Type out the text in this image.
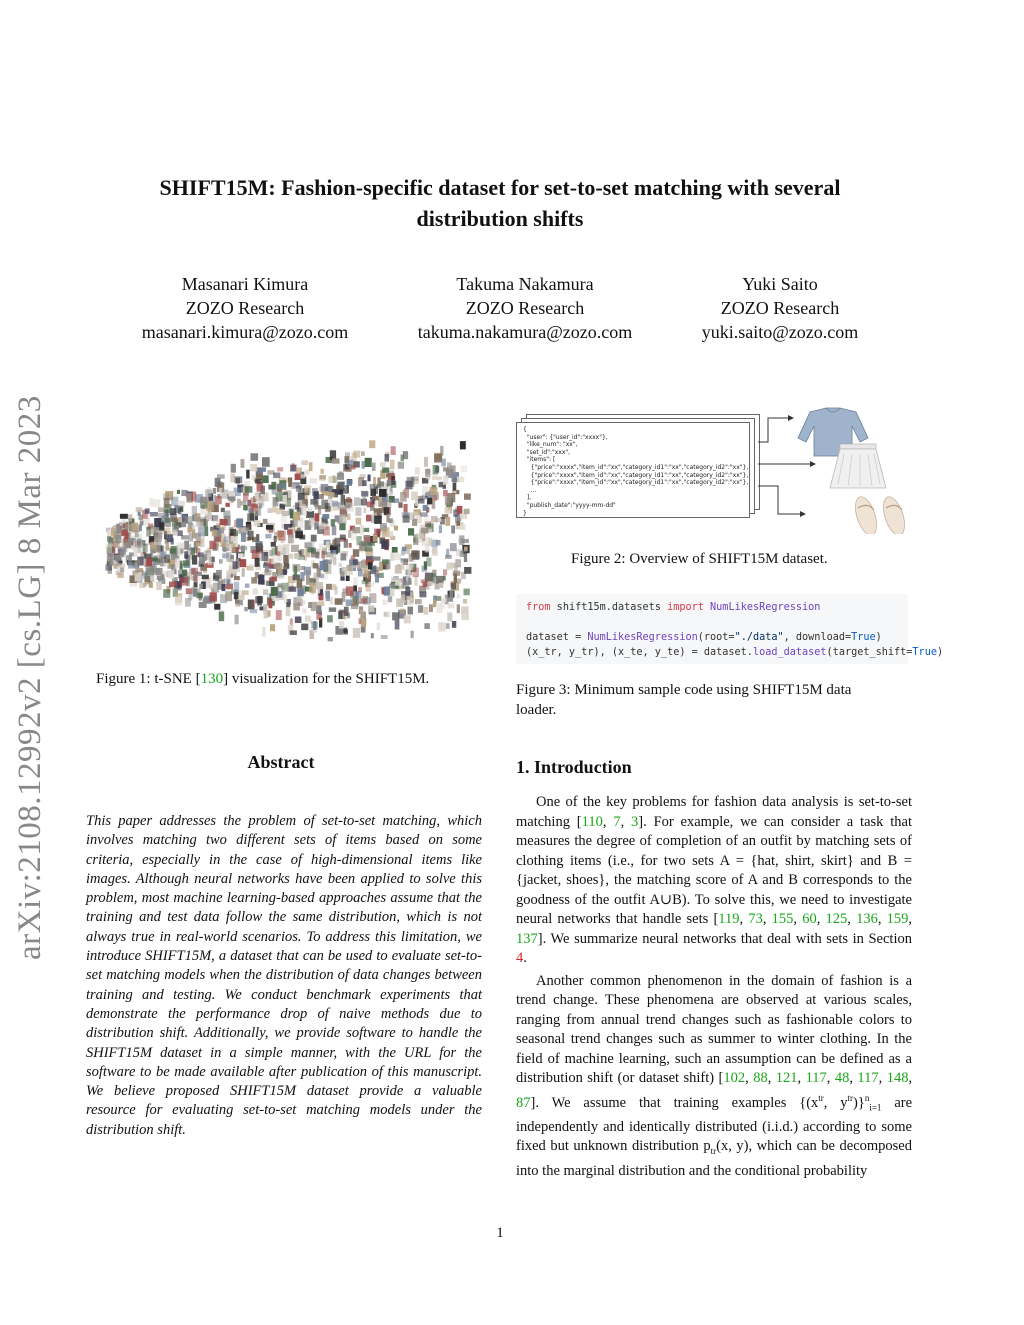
arXiv:2108.12992v2 [cs.LG] 8 Mar 2023
SHIFT15M: Fashion-specific dataset for set-to-set matching with several
distribution shifts
Masanari Kimura
ZOZO Research
masanari.kimura@zozo.com
Takuma Nakamura
ZOZO Research
takuma.nakamura@zozo.com
Yuki Saito
ZOZO Research
yuki.saito@zozo.com
Figure 1: t-SNE [130] visualization for the SHIFT15M.
{
"user": {"user_id":"xxxx"},
"like_num": "xx",
"set_id":"xxx",
"items": [
{"price":"xxxx","item_id":"xx","category_id1":"xx","category_id2":"xx"},
{"price":"xxxx","item_id":"xx","category_id1":"xx","category_id2":"xx"},
{"price":"xxxx","item_id":"xx","category_id1":"xx","category_id2":"xx"},
...
],
"publish_date":"yyyy-mm-dd"
}
Figure 2: Overview of SHIFT15M dataset.
from shift15m.datasets import NumLikesRegression

dataset = NumLikesRegression(root="./data", download=True)
(x_tr, y_tr), (x_te, y_te) = dataset.load_dataset(target_shift=True)
Figure 3: Minimum sample code using SHIFT15M data
loader.
Abstract
This paper addresses the problem of set-to-set matching, which involves matching two different sets of items based on some criteria, especially in the case of high-dimensional items like images. Although neural networks have been applied to solve this problem, most machine learning-based approaches assume that the training and test data follow the same distribution, which is not always true in real-world scenarios. To address this limitation, we introduce SHIFT15M, a dataset that can be used to evaluate set-to-set matching models when the distribution of data changes between training and testing. We conduct benchmark experiments that demonstrate the performance drop of naive methods due to distribution shift. Additionally, we provide software to handle the SHIFT15M dataset in a simple manner, with the URL for the software to be made available after publication of this manuscript. We believe proposed SHIFT15M dataset provide a valuable resource for evaluating set-to-set matching models under the distribution shift.
1. Introduction

One of the key problems for fashion data analysis is set-to-set matching [110, 7, 3]. For example, we can consider a task that measures the degree of completion of an outfit by matching sets of clothing items (i.e., for two sets A = {hat, shirt, skirt} and B = {jacket, shoes}, the matching score of A and B corresponds to the goodness of the outfit A∪B). To solve this, we need to investigate neural networks that handle sets [119, 73, 155, 60, 125, 136, 159, 137]. We summarize neural networks that deal with sets in Section 4.

Another common phenomenon in the domain of fashion is a trend change. These phenomena are observed at various scales, ranging from annual trend changes such as fashionable colors to seasonal trend changes such as summer to winter clothing. In the field of machine learning, such an assumption can be defined as a distribution shift (or dataset shift) [102, 88, 121, 117, 48, 117, 148, 87]. We assume that training examples {($x^{tr}$, $y^{tr})\}^n_{i=1}$ are independently and identically distributed (i.i.d.) according to some fixed but unknown distribution $p_{tr}(x$, y), which can be decomposed into the marginal distribution and the conditional probability

1
